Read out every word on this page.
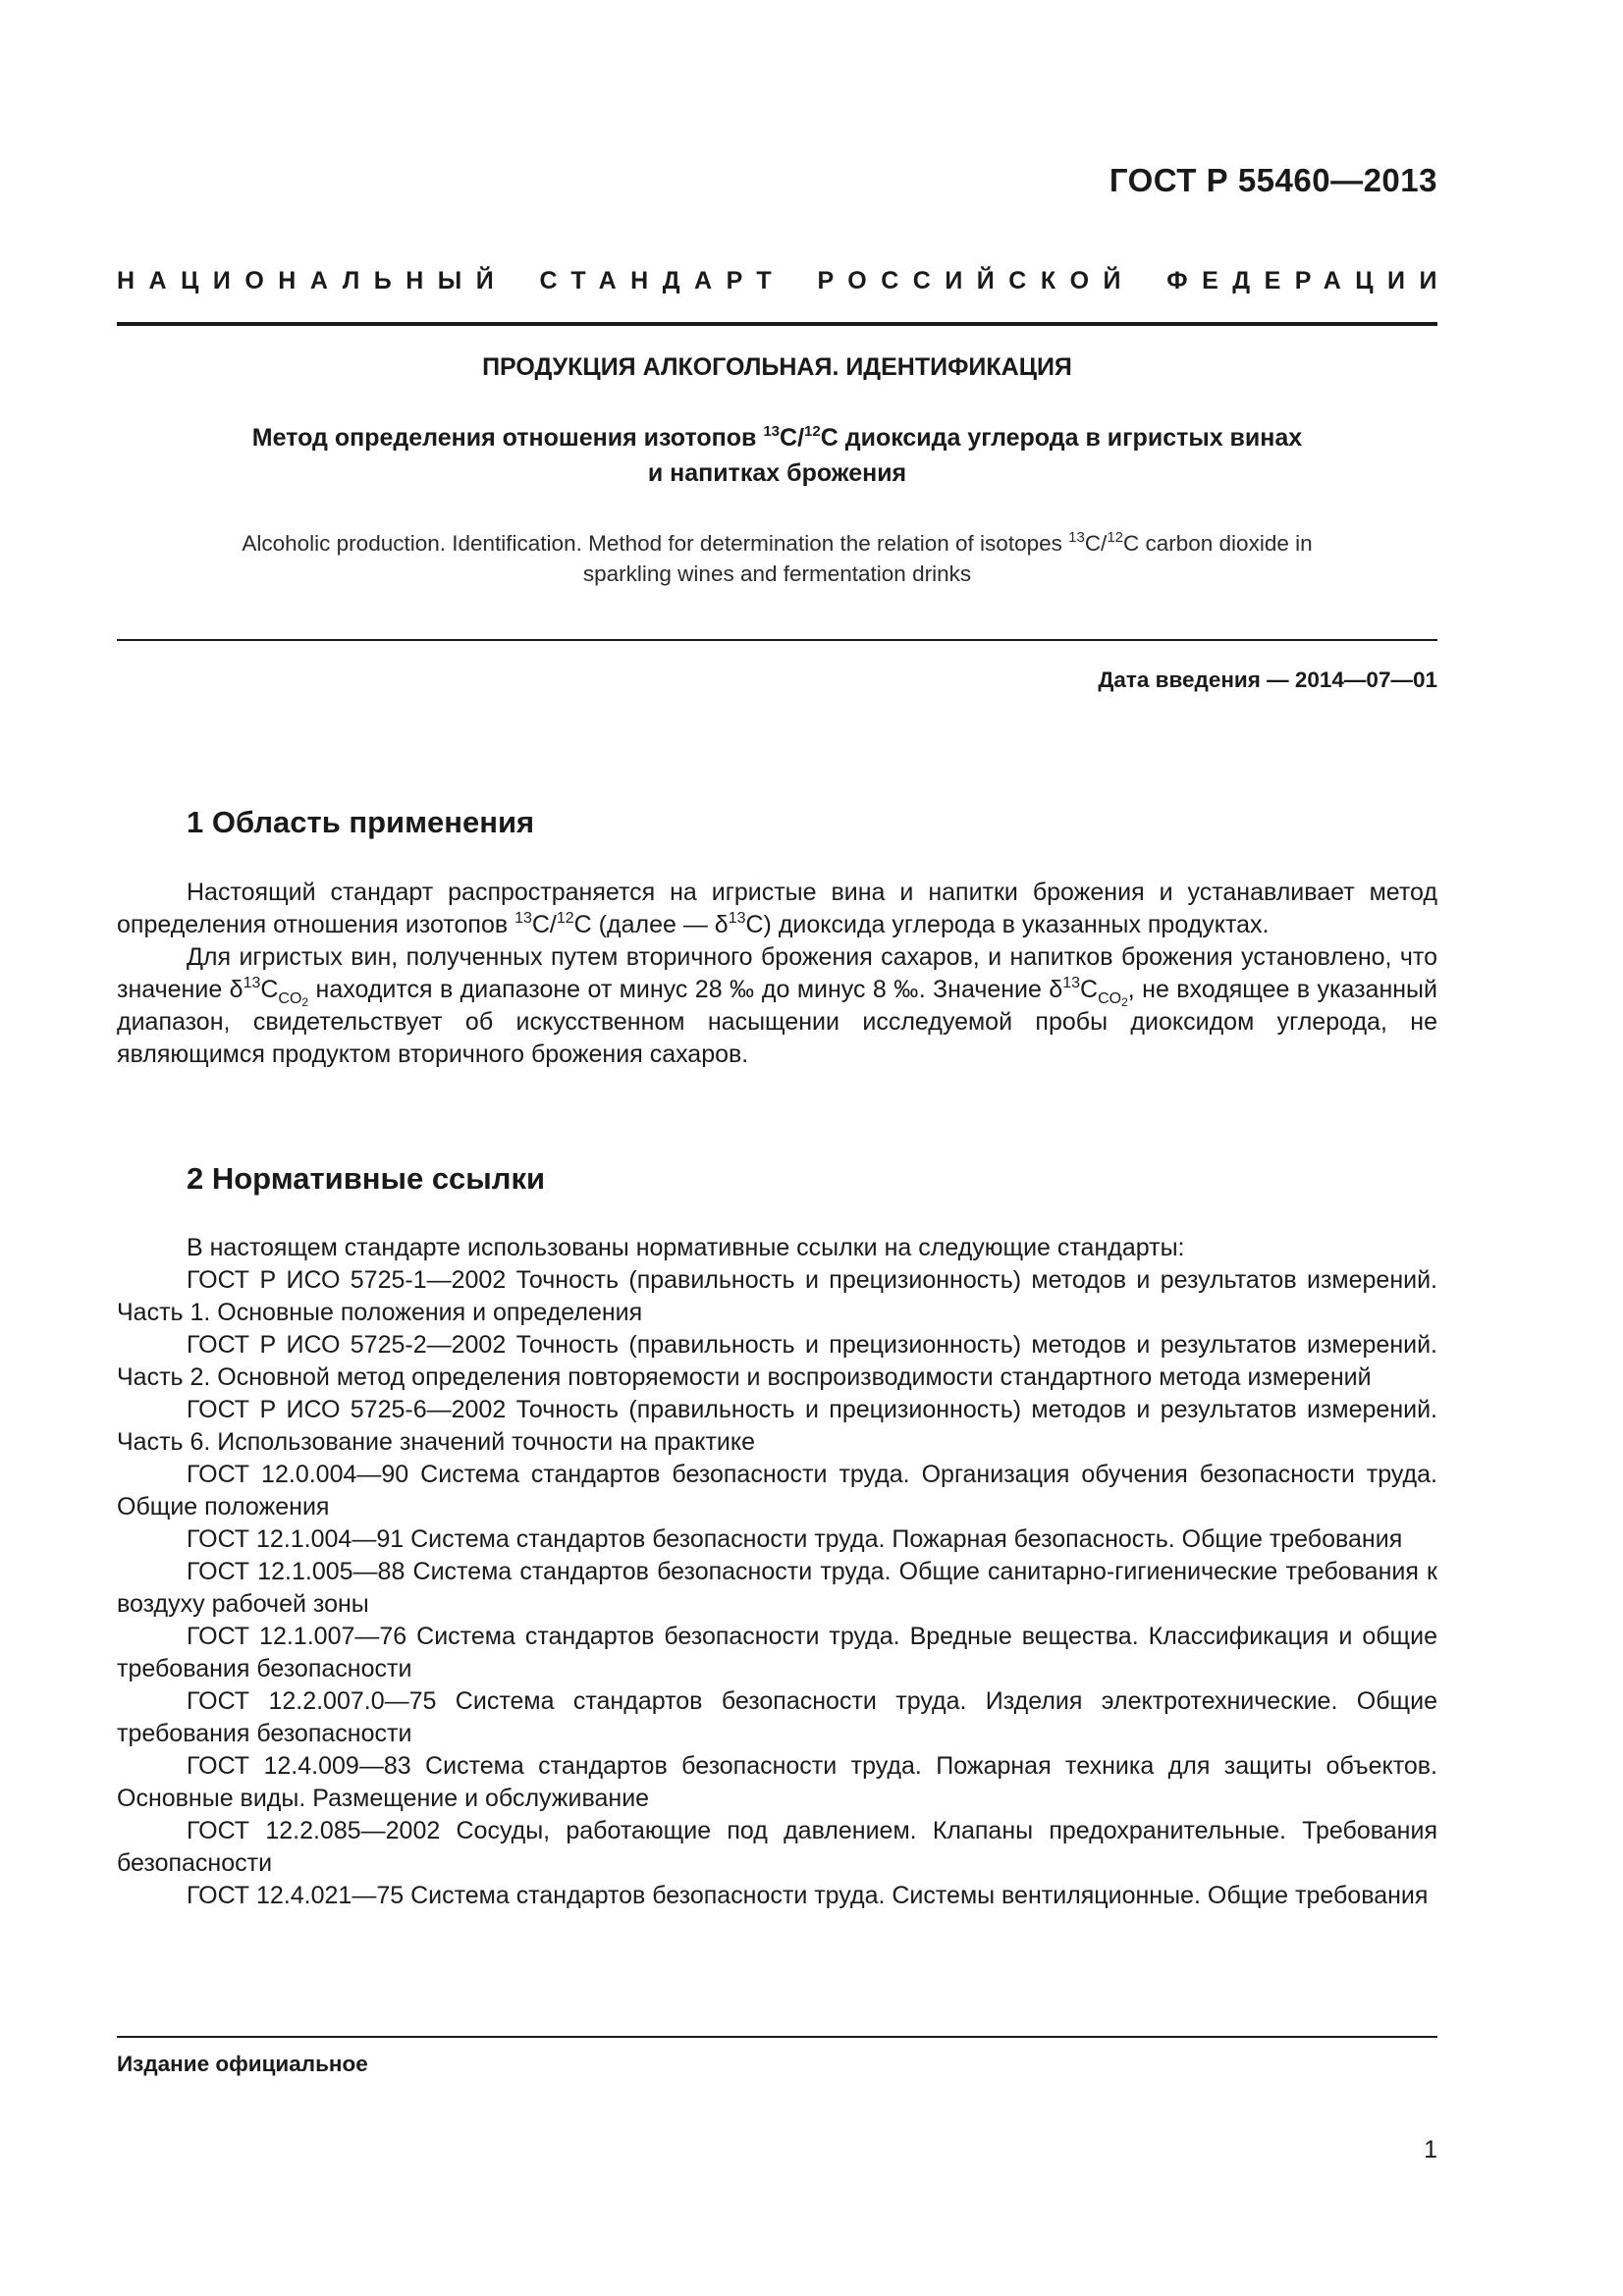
ГОСТ Р 55460—2013
НАЦИОНАЛЬНЫЙ СТАНДАРТ РОССИЙСКОЙ ФЕДЕРАЦИИ
ПРОДУКЦИЯ АЛКОГОЛЬНАЯ. ИДЕНТИФИКАЦИЯ
Метод определения отношения изотопов $^{13}$C/$^{12}$C диоксида углерода в игристых винах
и напитках брожения
Alcoholic production. Identification. Method for determination the relation of isotopes $^{13}$C/$^{12}$C carbon dioxide in
sparkling wines and fermentation drinks
Дата введения — 2014—07—01
1 Область применения

Настоящий стандарт распространяется на игристые вина и напитки брожения и устанавливает метод определения отношения изотопов $^{13}$C/$^{12}$C (далее — $\delta^{13}C$) диоксида углерода в указанных продуктах.

Для игристых вин, полученных путем вторичного брожения сахаров, и напитков брожения установлено, что значение $\delta^{13}C_{CO2}$ находится в диапазоне от минус 28 ‰ до минус 8 ‰. Значение $\delta^{13}C_{CO2}$, не входящее в указанный диапазон, свидетельствует об искусственном насыщении исследуемой пробы диоксидом углерода, не являющимся продуктом вторичного брожения сахаров.

2 Нормативные ссылки

В настоящем стандарте использованы нормативные ссылки на следующие стандарты:

ГОСТ Р ИСО 5725-1—2002 Точность (правильность и прецизионность) методов и результатов измерений. Часть 1. Основные положения и определения

ГОСТ Р ИСО 5725-2—2002 Точность (правильность и прецизионность) методов и результатов измерений. Часть 2. Основной метод определения повторяемости и воспроизводимости стандартного метода измерений

ГОСТ Р ИСО 5725-6—2002 Точность (правильность и прецизионность) методов и результатов измерений. Часть 6. Использование значений точности на практике

ГОСТ 12.0.004—90 Система стандартов безопасности труда. Организация обучения безопасности труда. Общие положения

ГОСТ 12.1.004—91 Система стандартов безопасности труда. Пожарная безопасность. Общие требования

ГОСТ 12.1.005—88 Система стандартов безопасности труда. Общие санитарно-гигиенические требования к воздуху рабочей зоны

ГОСТ 12.1.007—76 Система стандартов безопасности труда. Вредные вещества. Классификация и общие требования безопасности

ГОСТ 12.2.007.0—75 Система стандартов безопасности труда. Изделия электротехнические. Общие требования безопасности

ГОСТ 12.4.009—83 Система стандартов безопасности труда. Пожарная техника для защиты объектов. Основные виды. Размещение и обслуживание

ГОСТ 12.2.085—2002 Сосуды, работающие под давлением. Клапаны предохранительные. Требования безопасности

ГОСТ 12.4.021—75 Система стандартов безопасности труда. Системы вентиляционные. Общие требования

Издание официальное
1
